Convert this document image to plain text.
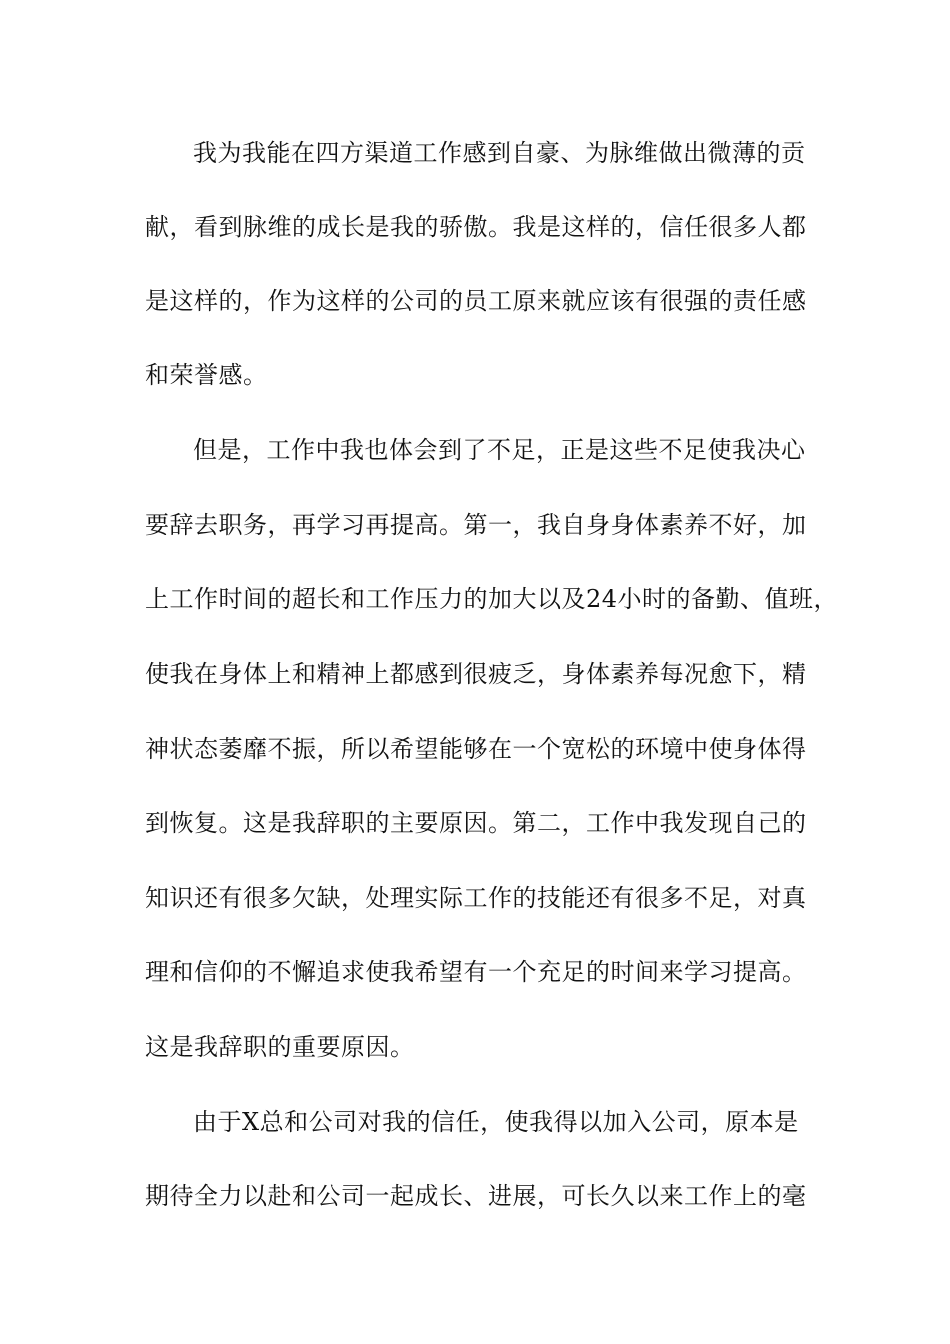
我为我能在四方渠道工作感到自豪、为脉维做出微薄的贡
献，看到脉维的成长是我的骄傲。我是这样的，信任很多人都
是这样的，作为这样的公司的员工原来就应该有很强的责任感
和荣誉感。
但是，工作中我也体会到了不足，正是这些不足使我决心
要辞去职务，再学习再提高。第一，我自身身体素养不好，加
上工作时间的超长和工作压力的加大以及24小时的备勤、值班，
使我在身体上和精神上都感到很疲乏，身体素养每况愈下，精
神状态萎靡不振，所以希望能够在一个宽松的环境中使身体得
到恢复。这是我辞职的主要原因。第二，工作中我发现自己的
知识还有很多欠缺，处理实际工作的技能还有很多不足，对真
理和信仰的不懈追求使我希望有一个充足的时间来学习提高。
这是我辞职的重要原因。
由于X总和公司对我的信任，使我得以加入公司，原本是
期待全力以赴和公司一起成长、进展，可长久以来工作上的毫
